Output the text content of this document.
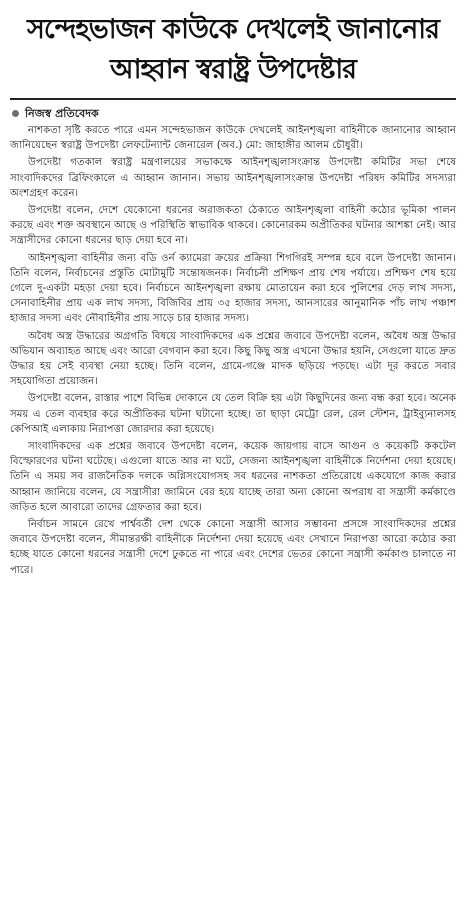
সন্দেহভাজন কাউকে দেখলেই জানানোর
আহ্বান স্বরাষ্ট্র উপদেষ্টার
নিজস্ব প্রতিবেদক

নাশকতা সৃষ্টি করতে পারে এমন সন্দেহভাজন কাউকে দেখলেই আইনশৃঙ্খলা বাহিনীকে জানানোর আহ্বান জানিয়েছেন স্বরাষ্ট্র উপদেষ্টা লেফটেন্যান্ট জেনারেল (অব.) মো: জাহাঙ্গীর আলম চৌধুরী।

উপদেষ্টা গতকাল স্বরাষ্ট্র মন্ত্রণালয়ের সভাকক্ষে আইনশৃঙ্খলাসংক্রান্ত উপদেষ্টা কমিটির সভা শেষে সাংবাদিকদের ব্রিফিংকালে এ আহ্বান জানান। সভায় আইনশৃঙ্খলাসংক্রান্ত উপদেষ্টা পরিষদ কমিটির সদস্যরা অংশগ্রহণ করেন।

উপদেষ্টা বলেন, দেশে যেকোনো ধরনের অরাজকতা ঠেকাতে আইনশৃঙ্খলা বাহিনী কঠোর ভূমিকা পালন করছে এবং শক্ত অবস্থানে আছে ও পরিস্থিতি স্বাভাবিক থাকবে। কোনোরকম অপ্রীতিকর ঘটনার আশঙ্কা নেই। আর সন্ত্রাসীদের কোনো ধরনের ছাড় দেয়া হবে না।

আইনশৃঙ্খলা বাহিনীর জন্য বডি ওর্ন ক্যামেরা ক্রয়ের প্রক্রিয়া শিগগিরই সম্পন্ন হবে বলে উপদেষ্টা জানান। তিনি বলেন, নির্বাচনের প্রস্তুতি মোটামুটি সন্তোষজনক। নির্বাচনী প্রশিক্ষণ প্রায় শেষ পর্যায়ে। প্রশিক্ষণ শেষ হয়ে গেলে দু-একটা মহড়া দেয়া হবে। নির্বাচনে আইনশৃঙ্খলা রক্ষায় মোতায়েন করা হবে পুলিশের দেড় লাখ সদস্য, সেনাবাহিনীর প্রায় এক লাখ সদস্য, বিজিবির প্রায় ৩৫ হাজার সদস্য, আনসারের আনুমানিক পাঁচ লাখ পঞ্চাশ হাজার সদস্য এবং নৌবাহিনীর প্রায় সাড়ে চার হাজার সদস্য।

অবৈধ অস্ত্র উদ্ধারের অগ্রগতি বিষয়ে সাংবাদিকদের এক প্রশ্নের জবাবে উপদেষ্টা বলেন, অবৈধ অস্ত্র উদ্ধার অভিযান অব্যাহত আছে এবং আরো বেগবান করা হবে। কিছু কিছু অস্ত্র এখনো উদ্ধার হয়নি, সেগুলো যাতে দ্রুত উদ্ধার হয় সেই ব্যবস্থা নেয়া হচ্ছে। তিনি বলেন, গ্রামে-গঞ্জে মাদক ছড়িয়ে পড়ছে। এটা দূর করতে সবার সহযোগিতা প্রয়োজন।

উপদেষ্টা বলেন, রাস্তার পাশে বিভিন্ন দোকানে যে তেল বিক্রি হয় এটা কিছুদিনের জন্য বন্ধ করা হবে। অনেক সময় এ তেল ব্যবহার করে অপ্রীতিকর ঘটনা ঘটানো হচ্ছে। তা ছাড়া মেট্রো রেল, রেল স্টেশন, ট্রাইব্যুনালসহ কেপিআই এলাকায় নিরাপত্তা জোরদার করা হয়েছে।

সাংবাদিকদের এক প্রশ্নের জবাবে উপদেষ্টা বলেন, কয়েক জায়গায় বাসে আগুন ও কয়েকটি ককটেল বিস্ফোরণের ঘটনা ঘটেছে। এগুলো যাতে আর না ঘটে, সেজন্য আইনশৃঙ্খলা বাহিনীকে নির্দেশনা দেয়া হয়েছে। তিনি এ সময় সব রাজনৈতিক দলকে অগ্নিসংযোগসহ সব ধরনের নাশকতা প্রতিরোধে একযোগে কাজ করার আহ্বান জানিয়ে বলেন, যে সন্ত্রাসীরা জামিনে বের হয়ে যাচ্ছে তারা অন্য কোনো অপরাধ বা সন্ত্রাসী কর্মকাণ্ডে জড়িত হলে আবারো তাদের গ্রেফতার করা হবে।

নির্বাচন সামনে রেখে পার্শ্ববর্তী দেশ থেকে কোনো সন্ত্রাসী আসার সম্ভাবনা প্রসঙ্গে সাংবাদিকদের প্রশ্নের জবাবে উপদেষ্টা বলেন, সীমান্তরক্ষী বাহিনীকে নির্দেশনা দেয়া হয়েছে এবং সেখানে নিরাপত্তা আরো কঠোর করা হচ্ছে যাতে কোনো ধরনের সন্ত্রাসী দেশে ঢুকতে না পারে এবং দেশের ভেতর কোনো সন্ত্রাসী কর্মকাণ্ড চালাতে না পারে।
